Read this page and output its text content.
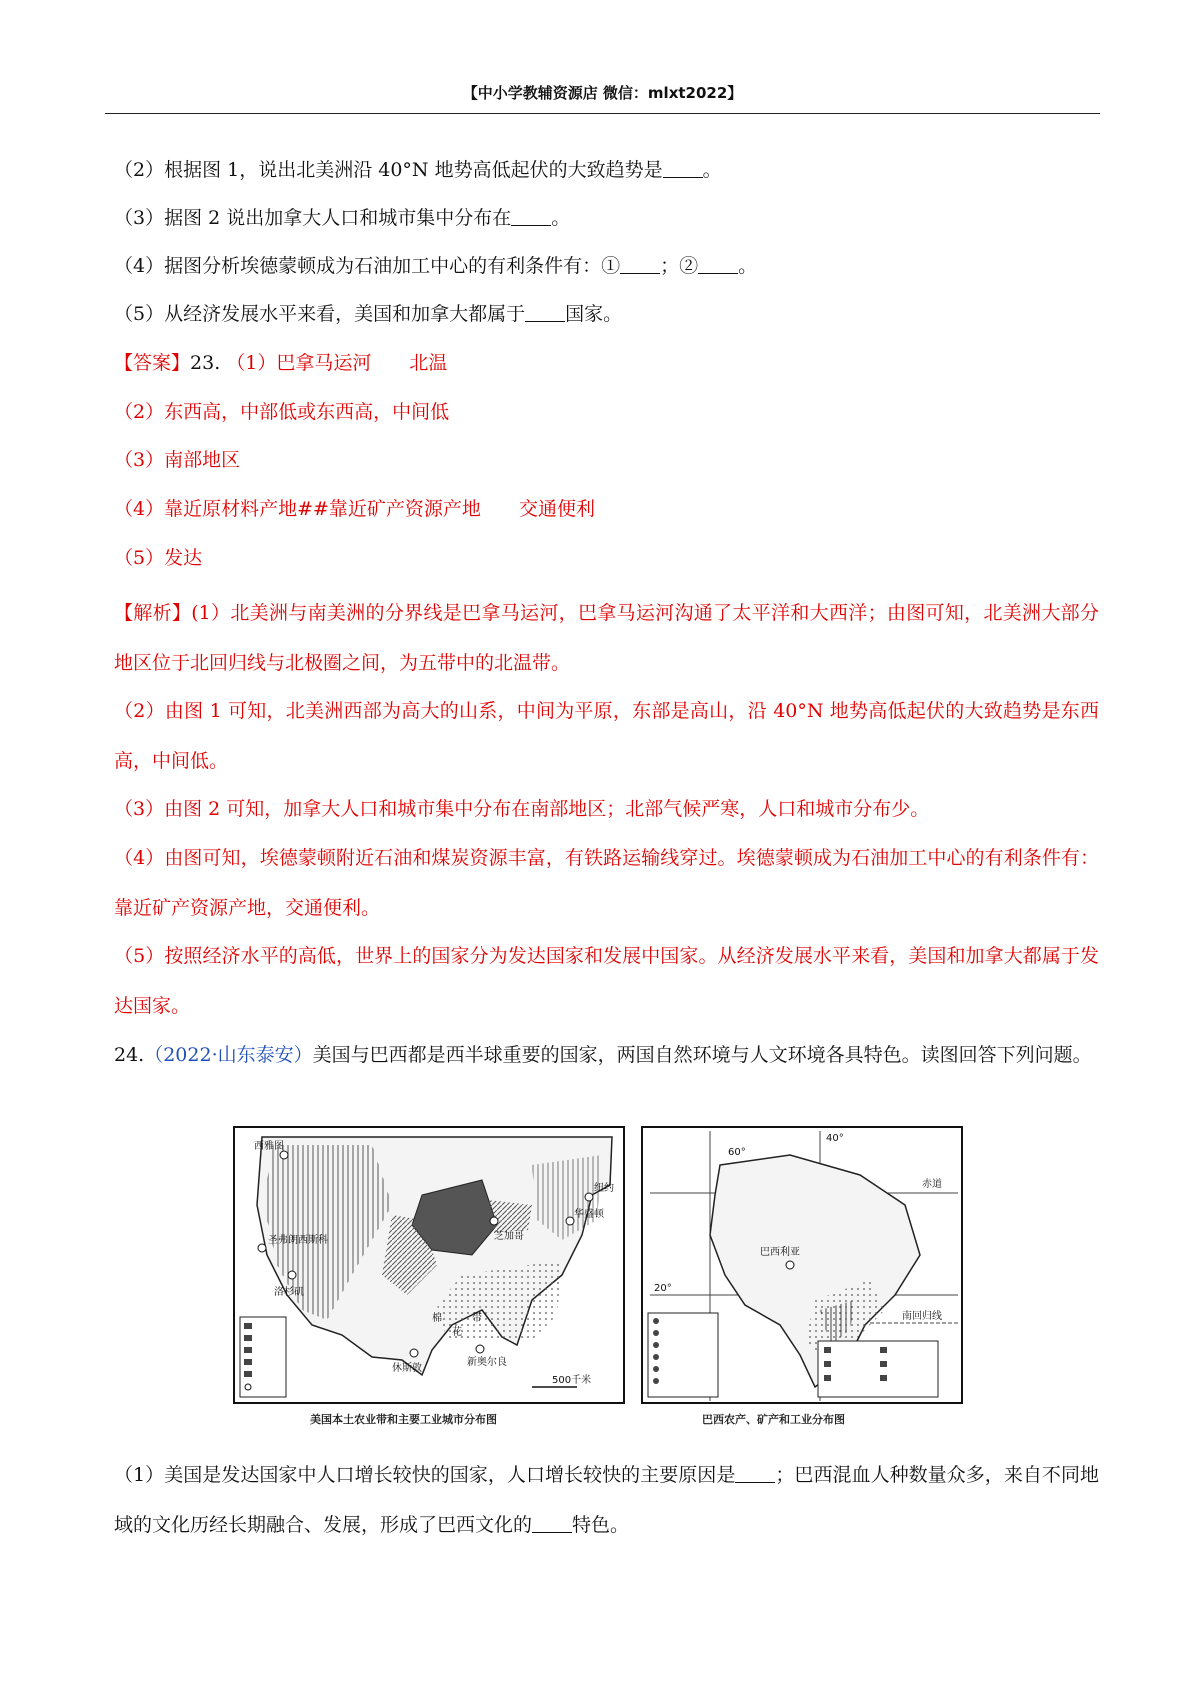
【中小学教辅资源店 微信：mlxt2022】
（2）根据图 1，说出北美洲沿 40°N 地势高低起伏的大致趋势是 。
（3）据图 2 说出加拿大人口和城市集中分布在 。
（4）据图分析埃德蒙顿成为石油加工中心的有利条件有：① ；② 。
（5）从经济发展水平来看，美国和加拿大都属于 国家。
【答案】23. （1）巴拿马运河 北温
（2）东西高，中部低或东西高，中间低
（3）南部地区
（4）靠近原材料产地##靠近矿产资源产地 交通便利
（5）发达
【解析】(1）北美洲与南美洲的分界线是巴拿马运河，巴拿马运河沟通了太平洋和大西洋；由图可知，北美洲大部分地区位于北回归线与北极圈之间，为五带中的北温带。
（2）由图 1 可知，北美洲西部为高大的山系，中间为平原，东部是高山，沿 40°N 地势高低起伏的大致趋势是东西高，中间低。
（3）由图 2 可知，加拿大人口和城市集中分布在南部地区；北部气候严寒，人口和城市分布少。
（4）由图可知，埃德蒙顿附近石油和煤炭资源丰富，有铁路运输线穿过。埃德蒙顿成为石油加工中心的有利条件有：靠近矿产资源产地，交通便利。
（5）按照经济水平的高低，世界上的国家分为发达国家和发展中国家。从经济发展水平来看，美国和加拿大都属于发达国家。
24.（2022·山东泰安）美国与巴西都是西半球重要的国家，两国自然环境与人文环境各具特色。读图回答下列问题。
西雅图
圣弗朗西斯科
洛杉矶
休斯敦
新奥尔良
纽约
华盛顿
芝加哥
棉
花
带
500千米
60°
40°
赤道
巴西利亚
20°
南回归线
美国本土农业带和主要工业城市分布图	巴西农产、矿产和工业分布图
（1）美国是发达国家中人口增长较快的国家，人口增长较快的主要原因是 ；巴西混血人种数量众多，来自不同地域的文化历经长期融合、发展，形成了巴西文化的 特色。
